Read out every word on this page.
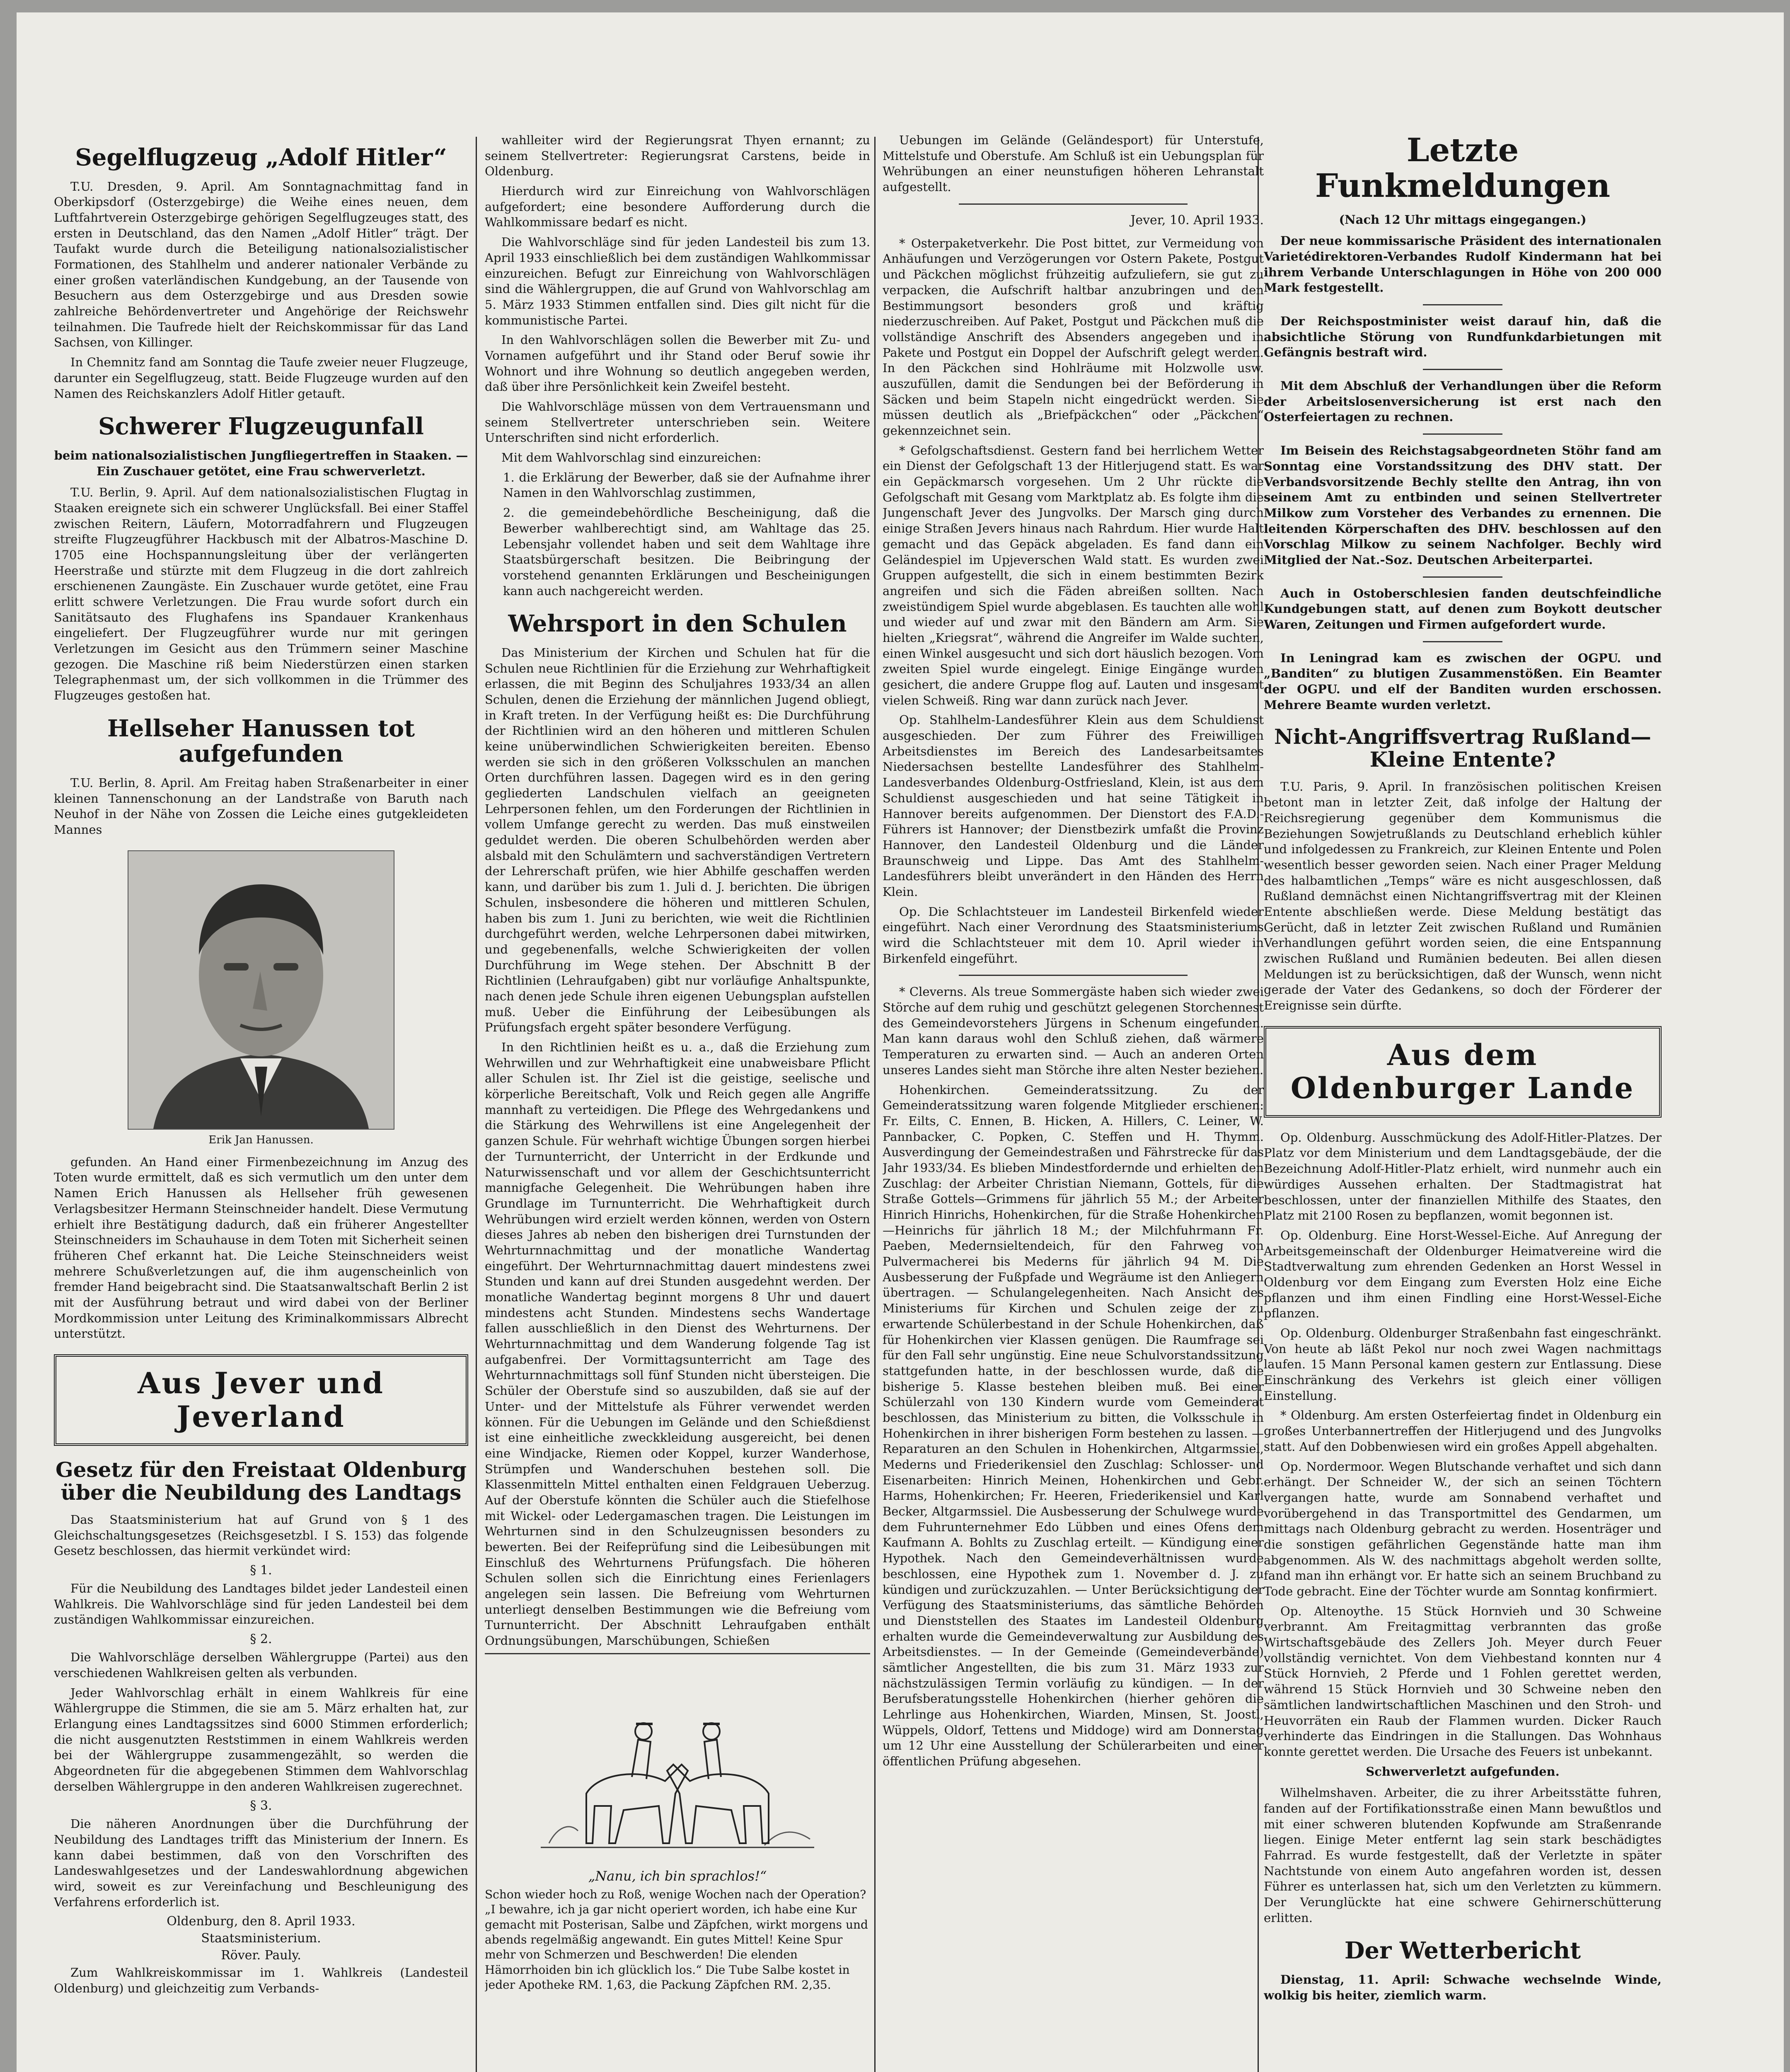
Segelflugzeug „Adolf Hitler“

T.U. Dresden, 9. April. Am Sonntagnachmittag fand in Oberkipsdorf (Osterzgebirge) die Weihe eines neuen, dem Luftfahrtverein Osterzgebirge gehörigen Segelflugzeuges statt, des ersten in Deutschland, das den Namen „Adolf Hitler“ trägt. Der Taufakt wurde durch die Beteiligung nationalsozialistischer Formationen, des Stahlhelm und anderer nationaler Verbände zu einer großen vaterländischen Kundgebung, an der Tausende von Besuchern aus dem Osterzgebirge und aus Dresden sowie zahlreiche Behördenvertreter und Angehörige der Reichswehr teilnahmen. Die Taufrede hielt der Reichskommissar für das Land Sachsen, von Killinger.

In Chemnitz fand am Sonntag die Taufe zweier neuer Flugzeuge, darunter ein Segelflugzeug, statt. Beide Flugzeuge wurden auf den Namen des Reichskanzlers Adolf Hitler getauft.

Schwerer Flugzeugunfall
beim nationalsozialistischen Jungfliegertreffen in Staaken. — Ein Zuschauer getötet, eine Frau schwerverletzt.

T.U. Berlin, 9. April. Auf dem nationalsozialistischen Flugtag in Staaken ereignete sich ein schwerer Unglücksfall. Bei einer Staffel zwischen Reitern, Läufern, Motorradfahrern und Flugzeugen streifte Flugzeugführer Hackbusch mit der Albatros-Maschine D. 1705 eine Hochspannungsleitung über der verlängerten Heerstraße und stürzte mit dem Flugzeug in die dort zahlreich erschienenen Zaungäste. Ein Zuschauer wurde getötet, eine Frau erlitt schwere Verletzungen. Die Frau wurde sofort durch ein Sanitätsauto des Flughafens ins Spandauer Krankenhaus eingeliefert. Der Flugzeugführer wurde nur mit geringen Verletzungen im Gesicht aus den Trümmern seiner Maschine gezogen. Die Maschine riß beim Niederstürzen einen starken Telegraphenmast um, der sich vollkommen in die Trümmer des Flugzeuges gestoßen hat.

Hellseher Hanussen tot aufgefunden

T.U. Berlin, 8. April. Am Freitag haben Straßenarbeiter in einer kleinen Tannenschonung an der Landstraße von Baruth nach Neuhof in der Nähe von Zossen die Leiche eines gutgekleideten Mannes

Erik Jan Hanussen.

gefunden. An Hand einer Firmenbezeichnung im Anzug des Toten wurde ermittelt, daß es sich vermutlich um den unter dem Namen Erich Hanussen als Hellseher früh gewesenen Verlagsbesitzer Hermann Steinschneider handelt. Diese Vermutung erhielt ihre Bestätigung dadurch, daß ein früherer Angestellter Steinschneiders im Schauhause in dem Toten mit Sicherheit seinen früheren Chef erkannt hat. Die Leiche Steinschneiders weist mehrere Schußverletzungen auf, die ihm augenscheinlich von fremder Hand beigebracht sind. Die Staatsanwaltschaft Berlin 2 ist mit der Ausführung betraut und wird dabei von der Berliner Mordkommission unter Leitung des Kriminalkommissars Albrecht unterstützt.

Aus Jever und Jeverland
Gesetz für den Freistaat Oldenburg über die Neubildung des Landtags

Das Staatsministerium hat auf Grund von § 1 des Gleichschaltungsgesetzes (Reichsgesetzbl. I S. 153) das folgende Gesetz beschlossen, das hiermit verkündet wird:

§ 1.

Für die Neubildung des Landtages bildet jeder Landesteil einen Wahlkreis. Die Wahlvorschläge sind für jeden Landesteil bei dem zuständigen Wahlkommissar einzureichen.

§ 2.

Die Wahlvorschläge derselben Wählergruppe (Partei) aus den verschiedenen Wahlkreisen gelten als verbunden.

Jeder Wahlvorschlag erhält in einem Wahlkreis für eine Wählergruppe die Stimmen, die sie am 5. März erhalten hat, zur Erlangung eines Landtagssitzes sind 6000 Stimmen erforderlich; die nicht ausgenutzten Reststimmen in einem Wahlkreis werden bei der Wählergruppe zusammengezählt, so werden die Abgeordneten für die abgegebenen Stimmen dem Wahlvorschlag derselben Wählergruppe in den anderen Wahlkreisen zugerechnet.

§ 3.

Die näheren Anordnungen über die Durchführung der Neubildung des Landtages trifft das Ministerium der Innern. Es kann dabei bestimmen, daß von den Vorschriften des Landeswahlgesetzes und der Landeswahlordnung abgewichen wird, soweit es zur Vereinfachung und Beschleunigung des Verfahrens erforderlich ist.

Oldenburg, den 8. April 1933.
Staatsministerium.
Röver. Pauly.

Zum Wahlkreiskommissar im 1. Wahlkreis (Landesteil Oldenburg) und gleichzeitig zum Verbands-

wahlleiter wird der Regierungsrat Thyen ernannt; zu seinem Stellvertreter: Regierungsrat Carstens, beide in Oldenburg.

Hierdurch wird zur Einreichung von Wahlvorschlägen aufgefordert; eine besondere Aufforderung durch die Wahlkommissare bedarf es nicht.

Die Wahlvorschläge sind für jeden Landesteil bis zum 13. April 1933 einschließlich bei dem zuständigen Wahlkommissar einzureichen. Befugt zur Einreichung von Wahlvorschlägen sind die Wählergruppen, die auf Grund von Wahlvorschlag am 5. März 1933 Stimmen entfallen sind. Dies gilt nicht für die kommunistische Partei.

In den Wahlvorschlägen sollen die Bewerber mit Zu- und Vornamen aufgeführt und ihr Stand oder Beruf sowie ihr Wohnort und ihre Wohnung so deutlich angegeben werden, daß über ihre Persönlichkeit kein Zweifel besteht.

Die Wahlvorschläge müssen von dem Vertrauensmann und seinem Stellvertreter unterschrieben sein. Weitere Unterschriften sind nicht erforderlich.

Mit dem Wahlvorschlag sind einzureichen:

1. die Erklärung der Bewerber, daß sie der Aufnahme ihrer Namen in den Wahlvorschlag zustimmen,

2. die gemeindebehördliche Bescheinigung, daß die Bewerber wahlberechtigt sind, am Wahltage das 25. Lebensjahr vollendet haben und seit dem Wahltage ihre Staatsbürgerschaft besitzen. Die Beibringung der vorstehend genannten Erklärungen und Bescheinigungen kann auch nachgereicht werden.

Wehrsport in den Schulen

Das Ministerium der Kirchen und Schulen hat für die Schulen neue Richtlinien für die Erziehung zur Wehrhaftigkeit erlassen, die mit Beginn des Schuljahres 1933/34 an allen Schulen, denen die Erziehung der männlichen Jugend obliegt, in Kraft treten. In der Verfügung heißt es: Die Durchführung der Richtlinien wird an den höheren und mittleren Schulen keine unüberwindlichen Schwierigkeiten bereiten. Ebenso werden sie sich in den größeren Volksschulen an manchen Orten durchführen lassen. Dagegen wird es in den gering gegliederten Landschulen vielfach an geeigneten Lehrpersonen fehlen, um den Forderungen der Richtlinien in vollem Umfange gerecht zu werden. Das muß einstweilen geduldet werden. Die oberen Schulbehörden werden aber alsbald mit den Schulämtern und sachverständigen Vertretern der Lehrerschaft prüfen, wie hier Abhilfe geschaffen werden kann, und darüber bis zum 1. Juli d. J. berichten. Die übrigen Schulen, insbesondere die höheren und mittleren Schulen, haben bis zum 1. Juni zu berichten, wie weit die Richtlinien durchgeführt werden, welche Lehrpersonen dabei mitwirken, und gegebenenfalls, welche Schwierigkeiten der vollen Durchführung im Wege stehen. Der Abschnitt B der Richtlinien (Lehraufgaben) gibt nur vorläufige Anhaltspunkte, nach denen jede Schule ihren eigenen Uebungsplan aufstellen muß. Ueber die Einführung der Leibesübungen als Prüfungsfach ergeht später besondere Verfügung.

In den Richtlinien heißt es u. a., daß die Erziehung zum Wehrwillen und zur Wehrhaftigkeit eine unabweisbare Pflicht aller Schulen ist. Ihr Ziel ist die geistige, seelische und körperliche Bereitschaft, Volk und Reich gegen alle Angriffe mannhaft zu verteidigen. Die Pflege des Wehrgedankens und die Stärkung des Wehrwillens ist eine Angelegenheit der ganzen Schule. Für wehrhaft wichtige Übungen sorgen hierbei der Turnunterricht, der Unterricht in der Erdkunde und Naturwissenschaft und vor allem der Geschichtsunterricht mannigfache Gelegenheit. Die Wehrübungen haben ihre Grundlage im Turnunterricht. Die Wehrhaftigkeit durch Wehrübungen wird erzielt werden können, werden von Ostern dieses Jahres ab neben den bisherigen drei Turnstunden der Wehrturnnachmittag und der monatliche Wandertag eingeführt. Der Wehrturnnachmittag dauert mindestens zwei Stunden und kann auf drei Stunden ausgedehnt werden. Der monatliche Wandertag beginnt morgens 8 Uhr und dauert mindestens acht Stunden. Mindestens sechs Wandertage fallen ausschließlich in den Dienst des Wehrturnens. Der Wehrturnnachmittag und dem Wanderung folgende Tag ist aufgabenfrei. Der Vormittagsunterricht am Tage des Wehrturnnachmittags soll fünf Stunden nicht übersteigen. Die Schüler der Oberstufe sind so auszubilden, daß sie auf der Unter- und der Mittelstufe als Führer verwendet werden können. Für die Uebungen im Gelände und den Schießdienst ist eine einheitliche zweckkleidung ausgereicht, bei denen eine Windjacke, Riemen oder Koppel, kurzer Wanderhose, Strümpfen und Wanderschuhen bestehen soll. Die Klassenmitteln Mittel enthalten einen Feldgrauen Ueberzug. Auf der Oberstufe könnten die Schüler auch die Stiefelhose mit Wickel- oder Ledergamaschen tragen. Die Leistungen im Wehrturnen sind in den Schulzeugnissen besonders zu bewerten. Bei der Reifeprüfung sind die Leibesübungen mit Einschluß des Wehrturnens Prüfungsfach. Die höheren Schulen sollen sich die Einrichtung eines Ferienlagers angelegen sein lassen. Die Befreiung vom Wehrturnen unterliegt denselben Bestimmungen wie die Befreiung vom Turnunterricht. Der Abschnitt Lehraufgaben enthält Ordnungsübungen, Marschübungen, Schießen

„Nanu, ich bin sprachlos!“

Schon wieder hoch zu Roß, wenige Wochen nach der Operation? „I bewahre, ich ja gar nicht operiert worden, ich habe eine Kur gemacht mit Posterisan, Salbe und Zäpfchen, wirkt morgens und abends regelmäßig angewandt. Ein gutes Mittel! Keine Spur mehr von Schmerzen und Beschwerden! Die elenden Hämorrhoiden bin ich glücklich los.“ Die Tube Salbe kostet in jeder Apotheke RM. 1,63, die Packung Zäpfchen RM. 2,35.

Uebungen im Gelände (Geländesport) für Unterstufe, Mittelstufe und Oberstufe. Am Schluß ist ein Uebungsplan für Wehrübungen an einer neunstufigen höheren Lehranstalt aufgestellt.

Jever, 10. April 1933.

* Osterpaketverkehr. Die Post bittet, zur Vermeidung von Anhäufungen und Verzögerungen vor Ostern Pakete, Postgut und Päckchen möglichst frühzeitig aufzuliefern, sie gut zu verpacken, die Aufschrift haltbar anzubringen und den Bestimmungsort besonders groß und kräftig niederzuschreiben. Auf Paket, Postgut und Päckchen muß die vollständige Anschrift des Absenders angegeben und in Pakete und Postgut ein Doppel der Aufschrift gelegt werden. In den Päckchen sind Hohlräume mit Holzwolle usw. auszufüllen, damit die Sendungen bei der Beförderung in Säcken und beim Stapeln nicht eingedrückt werden. Sie müssen deutlich als „Briefpäckchen“ oder „Päckchen“ gekennzeichnet sein.

* Gefolgschaftsdienst. Gestern fand bei herrlichem Wetter ein Dienst der Gefolgschaft 13 der Hitlerjugend statt. Es war ein Gepäckmarsch vorgesehen. Um 2 Uhr rückte die Gefolgschaft mit Gesang vom Marktplatz ab. Es folgte ihm die Jungenschaft Jever des Jungvolks. Der Marsch ging durch einige Straßen Jevers hinaus nach Rahrdum. Hier wurde Halt gemacht und das Gepäck abgeladen. Es fand dann ein Geländespiel im Upjeverschen Wald statt. Es wurden zwei Gruppen aufgestellt, die sich in einem bestimmten Bezirk angreifen und sich die Fäden abreißen sollten. Nach zweistündigem Spiel wurde abgeblasen. Es tauchten alle wohl und wieder auf und zwar mit den Bändern am Arm. Sie hielten „Kriegsrat“, während die Angreifer im Walde suchten, einen Winkel ausgesucht und sich dort häuslich bezogen. Vom zweiten Spiel wurde eingelegt. Einige Eingänge wurden gesichert, die andere Gruppe flog auf. Lauten und insgesamt vielen Schweiß. Ring war dann zurück nach Jever.

Op. Stahlhelm-Landesführer Klein aus dem Schuldienst ausgeschieden. Der zum Führer des Freiwilligen Arbeitsdienstes im Bereich des Landesarbeitsamtes Niedersachsen bestellte Landesführer des Stahlhelm-Landesverbandes Oldenburg-Ostfriesland, Klein, ist aus dem Schuldienst ausgeschieden und hat seine Tätigkeit in Hannover bereits aufgenommen. Der Dienstort des F.A.D.-Führers ist Hannover; der Dienstbezirk umfaßt die Provinz Hannover, den Landesteil Oldenburg und die Länder Braunschweig und Lippe. Das Amt des Stahlhelm-Landesführers bleibt unverändert in den Händen des Herrn Klein.

Op. Die Schlachtsteuer im Landesteil Birkenfeld wieder eingeführt. Nach einer Verordnung des Staatsministeriums wird die Schlachtsteuer mit dem 10. April wieder in Birkenfeld eingeführt.

* Cleverns. Als treue Sommergäste haben sich wieder zwei Störche auf dem ruhig und geschützt gelegenen Storchennest des Gemeindevorstehers Jürgens in Schenum eingefunden. Man kann daraus wohl den Schluß ziehen, daß wärmere Temperaturen zu erwarten sind. — Auch an anderen Orten unseres Landes sieht man Störche ihre alten Nester beziehen.

Hohenkirchen. Gemeinderatssitzung. Zu der Gemeinderatssitzung waren folgende Mitglieder erschienen: Fr. Eilts, C. Ennen, B. Hicken, A. Hillers, C. Leiner, W. Pannbacker, C. Popken, C. Steffen und H. Thymm. Ausverdingung der Gemeindestraßen und Fährstrecke für das Jahr 1933/34. Es blieben Mindestfordernde und erhielten den Zuschlag: der Arbeiter Christian Niemann, Gottels, für die Straße Gottels—Grimmens für jährlich 55 M.; der Arbeiter Hinrich Hinrichs, Hohenkirchen, für die Straße Hohenkirchen—Heinrichs für jährlich 18 M.; der Milchfuhrmann Fr. Paeben, Medernsieltendeich, für den Fahrweg von Pulvermacherei bis Mederns für jährlich 94 M. Die Ausbesserung der Fußpfade und Wegräume ist den Anliegern übertragen. — Schulangelegenheiten. Nach Ansicht des Ministeriums für Kirchen und Schulen zeige der zu erwartende Schülerbestand in der Schule Hohenkirchen, daß für Hohenkirchen vier Klassen genügen. Die Raumfrage sei für den Fall sehr ungünstig. Eine neue Schulvorstandssitzung stattgefunden hatte, in der beschlossen wurde, daß die bisherige 5. Klasse bestehen bleiben muß. Bei einer Schülerzahl von 130 Kindern wurde vom Gemeinderat beschlossen, das Ministerium zu bitten, die Volksschule in Hohenkirchen in ihrer bisherigen Form bestehen zu lassen. — Reparaturen an den Schulen in Hohenkirchen, Altgarmssiel, Mederns und Friederikensiel den Zuschlag: Schlosser- und Eisenarbeiten: Hinrich Meinen, Hohenkirchen und Gebr. Harms, Hohenkirchen; Fr. Heeren, Friederikensiel und Karl Becker, Altgarmssiel. Die Ausbesserung der Schulwege wurde dem Fuhrunternehmer Edo Lübben und eines Ofens dem Kaufmann A. Bohlts zu Zuschlag erteilt. — Kündigung einer Hypothek. Nach den Gemeindeverhältnissen wurde beschlossen, eine Hypothek zum 1. November d. J. zu kündigen und zurückzuzahlen. — Unter Berücksichtigung der Verfügung des Staatsministeriums, das sämtliche Behörden und Dienststellen des Staates im Landesteil Oldenburg erhalten wurde die Gemeindeverwaltung zur Ausbildung des Arbeitsdienstes. — In der Gemeinde (Gemeindeverbände) sämtlicher Angestellten, die bis zum 31. März 1933 zur nächstzulässigen Termin vorläufig zu kündigen. — In der Berufsberatungsstelle Hohenkirchen (hierher gehören die Lehrlinge aus Hohenkirchen, Wiarden, Minsen, St. Joostl, Wüppels, Oldorf, Tettens und Middoge) wird am Donnerstag um 12 Uhr eine Ausstellung der Schülerarbeiten und einer öffentlichen Prüfung abgesehen.

Letzte Funkmeldungen
(Nach 12 Uhr mittags eingegangen.)

Der neue kommissarische Präsident des internationalen Varietédirektoren-Verbandes Rudolf Kindermann hat bei ihrem Verbande Unterschlagungen in Höhe von 200 000 Mark festgestellt.

Der Reichspostminister weist darauf hin, daß die absichtliche Störung von Rundfunkdarbietungen mit Gefängnis bestraft wird.

Mit dem Abschluß der Verhandlungen über die Reform der Arbeitslosenversicherung ist erst nach den Osterfeiertagen zu rechnen.

Im Beisein des Reichstagsabgeordneten Stöhr fand am Sonntag eine Vorstandssitzung des DHV statt. Der Verbandsvorsitzende Bechly stellte den Antrag, ihn von seinem Amt zu entbinden und seinen Stellvertreter Milkow zum Vorsteher des Verbandes zu ernennen. Die leitenden Körperschaften des DHV. beschlossen auf den Vorschlag Milkow zu seinem Nachfolger. Bechly wird Mitglied der Nat.-Soz. Deutschen Arbeiterpartei.

Auch in Ostoberschlesien fanden deutschfeindliche Kundgebungen statt, auf denen zum Boykott deutscher Waren, Zeitungen und Firmen aufgefordert wurde.

In Leningrad kam es zwischen der OGPU. und „Banditen“ zu blutigen Zusammenstößen. Ein Beamter der OGPU. und elf der Banditen wurden erschossen. Mehrere Beamte wurden verletzt.

Nicht-Angriffsvertrag Rußland—Kleine Entente?

T.U. Paris, 9. April. In französischen politischen Kreisen betont man in letzter Zeit, daß infolge der Haltung der Reichsregierung gegenüber dem Kommunismus die Beziehungen Sowjetrußlands zu Deutschland erheblich kühler und infolgedessen zu Frankreich, zur Kleinen Entente und Polen wesentlich besser geworden seien. Nach einer Prager Meldung des halbamtlichen „Temps“ wäre es nicht ausgeschlossen, daß Rußland demnächst einen Nichtangriffsvertrag mit der Kleinen Entente abschließen werde. Diese Meldung bestätigt das Gerücht, daß in letzter Zeit zwischen Rußland und Rumänien Verhandlungen geführt worden seien, die eine Entspannung zwischen Rußland und Rumänien bedeuten. Bei allen diesen Meldungen ist zu berücksichtigen, daß der Wunsch, wenn nicht gerade der Vater des Gedankens, so doch der Förderer der Ereignisse sein dürfte.

Aus dem Oldenburger Lande

Op. Oldenburg. Ausschmückung des Adolf-Hitler-Platzes. Der Platz vor dem Ministerium und dem Landtagsgebäude, der die Bezeichnung Adolf-Hitler-Platz erhielt, wird nunmehr auch ein würdiges Aussehen erhalten. Der Stadtmagistrat hat beschlossen, unter der finanziellen Mithilfe des Staates, den Platz mit 2100 Rosen zu bepflanzen, womit begonnen ist.

Op. Oldenburg. Eine Horst-Wessel-Eiche. Auf Anregung der Arbeitsgemeinschaft der Oldenburger Heimatvereine wird die Stadtverwaltung zum ehrenden Gedenken an Horst Wessel in Oldenburg vor dem Eingang zum Eversten Holz eine Eiche pflanzen und ihm einen Findling eine Horst-Wessel-Eiche pflanzen.

Op. Oldenburg. Oldenburger Straßenbahn fast eingeschränkt. Von heute ab läßt Pekol nur noch zwei Wagen nachmittags laufen. 15 Mann Personal kamen gestern zur Entlassung. Diese Einschränkung des Verkehrs ist gleich einer völligen Einstellung.

* Oldenburg. Am ersten Osterfeiertag findet in Oldenburg ein großes Unterbannertreffen der Hitlerjugend und des Jungvolks statt. Auf den Dobbenwiesen wird ein großes Appell abgehalten.

Op. Nordermoor. Wegen Blutschande verhaftet und sich dann erhängt. Der Schneider W., der sich an seinen Töchtern vergangen hatte, wurde am Sonnabend verhaftet und vorübergehend in das Transportmittel des Gendarmen, um mittags nach Oldenburg gebracht zu werden. Hosenträger und die sonstigen gefährlichen Gegenstände hatte man ihm abgenommen. Als W. des nachmittags abgeholt werden sollte, fand man ihn erhängt vor. Er hatte sich an seinem Bruchband zu Tode gebracht. Eine der Töchter wurde am Sonntag konfirmiert.

Op. Altenoythe. 15 Stück Hornvieh und 30 Schweine verbrannt. Am Freitagmittag verbrannten das große Wirtschaftsgebäude des Zellers Joh. Meyer durch Feuer vollständig vernichtet. Von dem Viehbestand konnten nur 4 Stück Hornvieh, 2 Pferde und 1 Fohlen gerettet werden, während 15 Stück Hornvieh und 30 Schweine neben den sämtlichen landwirtschaftlichen Maschinen und den Stroh- und Heuvorräten ein Raub der Flammen wurden. Dicker Rauch verhinderte das Eindringen in die Stallungen. Das Wohnhaus konnte gerettet werden. Die Ursache des Feuers ist unbekannt.

Schwerverletzt aufgefunden.

Wilhelmshaven. Arbeiter, die zu ihrer Arbeitsstätte fuhren, fanden auf der Fortifikationsstraße einen Mann bewußtlos und mit einer schweren blutenden Kopfwunde am Straßenrande liegen. Einige Meter entfernt lag sein stark beschädigtes Fahrrad. Es wurde festgestellt, daß der Verletzte in später Nachtstunde von einem Auto angefahren worden ist, dessen Führer es unterlassen hat, sich um den Verletzten zu kümmern. Der Verunglückte hat eine schwere Gehirnerschütterung erlitten.

Der Wetterbericht

Dienstag, 11. April: Schwache wechselnde Winde, wolkig bis heiter, ziemlich warm.
